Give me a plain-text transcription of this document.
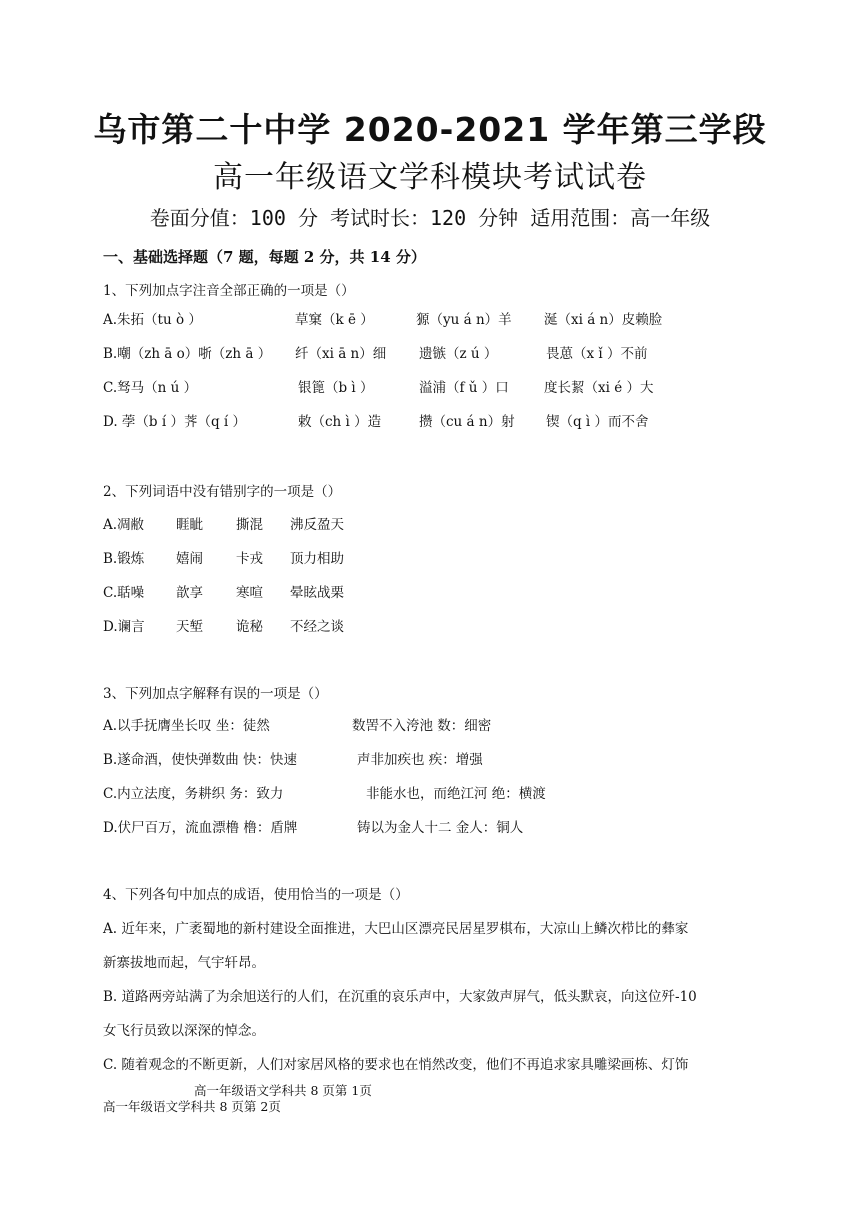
乌市第二十中学 2020-2021 学年第三学段
高一年级语文学科模块考试试卷
卷面分值：100 分 考试时长：120 分钟 适用范围：高一年级
一、基础选择题（7 题，每题 2 分，共 14 分）
1、下列加点字注音全部正确的一项是（）
A.朱拓（tu ò ）	草窠（k ē ）	獂（yu á n）羊 涎（xi á n）皮赖脸
B.嘲（zh ā o）哳（zh ā ） 纤（xi ā n）细 遗镞（z ú ）	畏葸（x ǐ ）不前
C.驽马（n ú ）	银篦（b ì ）	溢浦（f ǔ ）口	度长絜（xi é ）大
D. 荸（b í ）荠（q í ）	敕（ch ì ）造	攒（cu á n）射 锲（q ì ）而不舍
2、下列词语中没有错别字的一项是（）
A.凋敝 睚眦 撕混 沸反盈天
B.锻炼 嬉闹 卡戎 顶力相助
C.聒噪 歆享 寒喧 晕眩战栗
D.谰言 天堑 诡秘 不经之谈
3、下列加点字解释有误的一项是（）
A.以手抚膺坐长叹 坐：徒然	数罟不入洿池 数：细密
B.遂命酒，使快弹数曲 快：快速	声非加疾也 疾：增强
C.内立法度，务耕织 务：致力	非能水也，而绝江河 绝：横渡
D.伏尸百万，流血漂橹 橹：盾牌	铸以为金人十二 金人：铜人
4、下列各句中加点的成语，使用恰当的一项是（）
A. 近年来，广袤蜀地的新村建设全面推进，大巴山区漂亮民居星罗棋布，大凉山上鳞次栉比的彝家
新寨拔地而起，气宇轩昂。
B. 道路两旁站满了为余旭送行的人们，在沉重的哀乐声中，大家敛声屏气，低头默哀，向这位歼-10
女飞行员致以深深的悼念。
C. 随着观念的不断更新，人们对家居风格的要求也在悄然改变，他们不再追求家具雕梁画栋、灯饰
高一年级语文学科共 8 页第 1页
高一年级语文学科共 8 页第 2页
